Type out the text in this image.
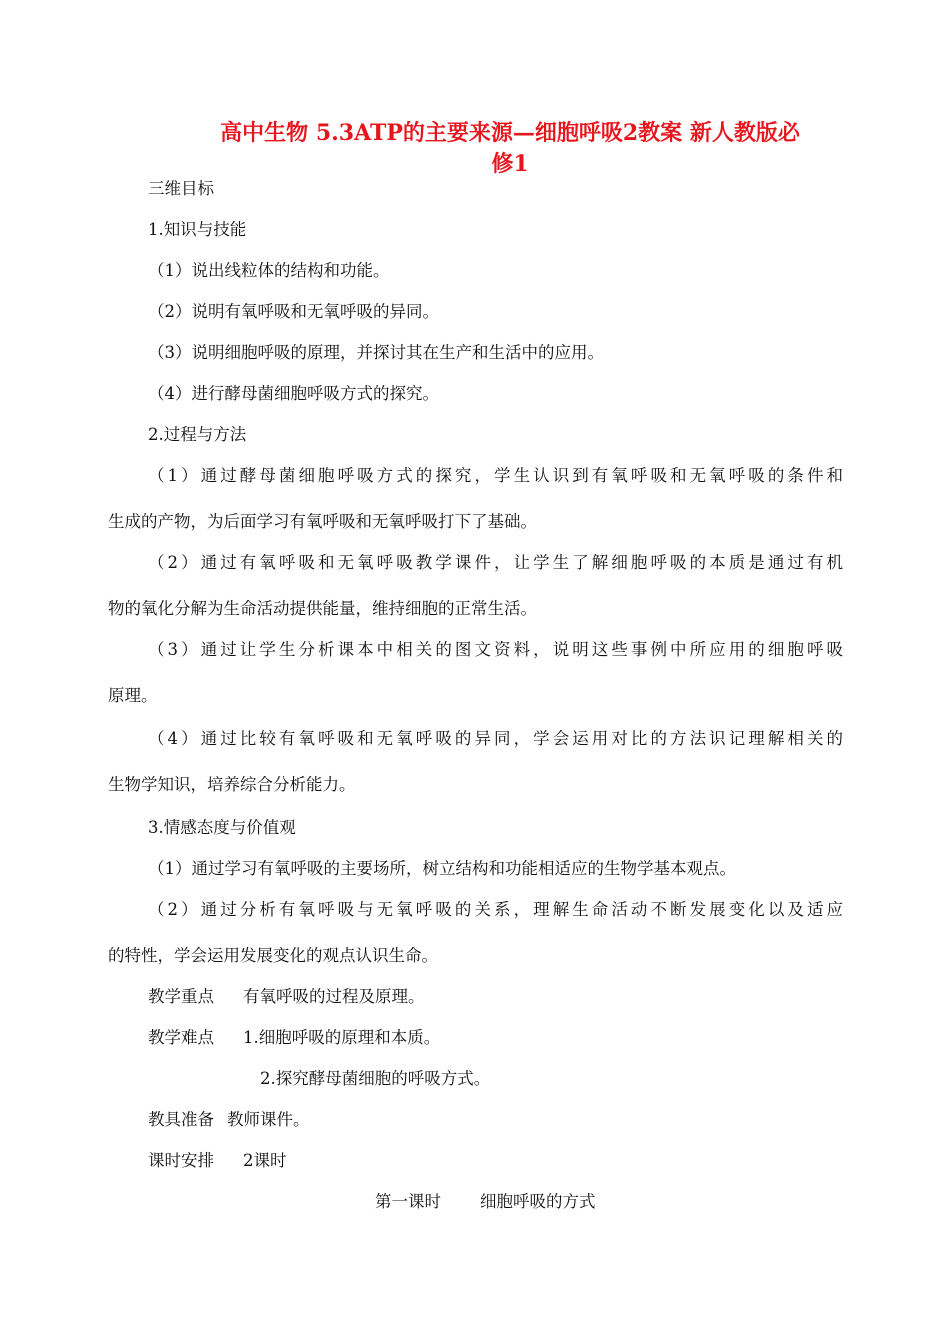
高中生物 5.3ATP的主要来源—细胞呼吸2教案 新人教版必
修1
三维目标
1.知识与技能
（1）说出线粒体的结构和功能。
（2）说明有氧呼吸和无氧呼吸的异同。
（3）说明细胞呼吸的原理，并探讨其在生产和生活中的应用。
（4）进行酵母菌细胞呼吸方式的探究。
2.过程与方法
（1）通过酵母菌细胞呼吸方式的探究，学生认识到有氧呼吸和无氧呼吸的条件和
生成的产物，为后面学习有氧呼吸和无氧呼吸打下了基础。
（2）通过有氧呼吸和无氧呼吸教学课件，让学生了解细胞呼吸的本质是通过有机
物的氧化分解为生命活动提供能量，维持细胞的正常生活。
（3）通过让学生分析课本中相关的图文资料，说明这些事例中所应用的细胞呼吸
原理。
（4）通过比较有氧呼吸和无氧呼吸的异同，学会运用对比的方法识记理解相关的
生物学知识，培养综合分析能力。
3.情感态度与价值观
（1）通过学习有氧呼吸的主要场所，树立结构和功能相适应的生物学基本观点。
（2）通过分析有氧呼吸与无氧呼吸的关系，理解生命活动不断发展变化以及适应
的特性，学会运用发展变化的观点认识生命。
教学重点 有氧呼吸的过程及原理。
教学难点 1.细胞呼吸的原理和本质。
2.探究酵母菌细胞的呼吸方式。
教具准备 教师课件。
课时安排 2课时
第一课时 细胞呼吸的方式
